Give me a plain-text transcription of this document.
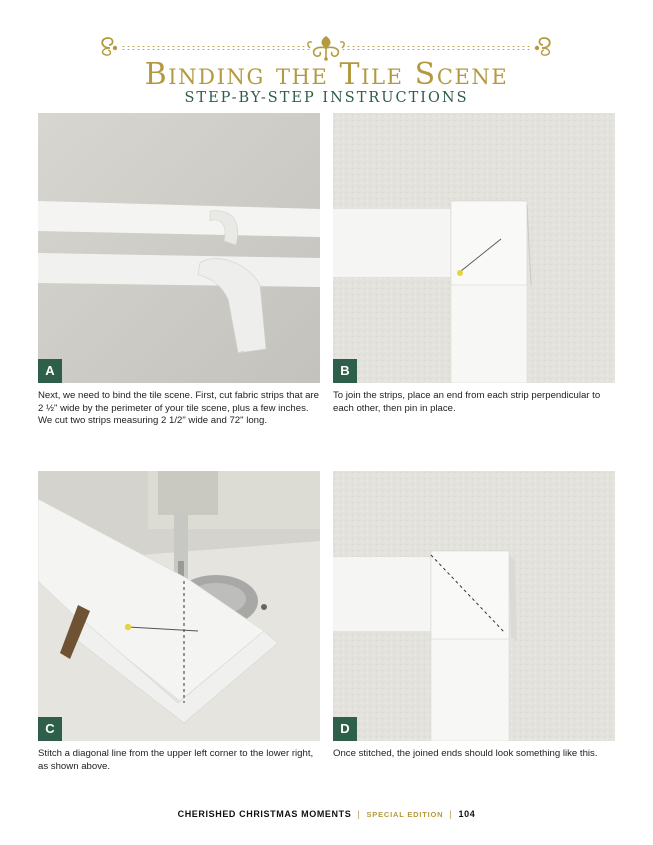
Binding the Tile Scene
STEP-BY-STEP INSTRUCTIONS
A

Next, we need to bind the tile scene. First, cut fabric strips that are 2 ½" wide by the perimeter of your tile scene, plus a few inches. We cut two strips measuring 2 1/2" wide and 72" long.

B

To join the strips, place an end from each strip perpendicular to each other, then pin in place.

C

Stitch a diagonal line from the upper left corner to the lower right, as shown above.

D

Once stitched, the joined ends should look something like this.

CHERISHED CHRISTMAS MOMENTS | SPECIAL EDITION | 104
